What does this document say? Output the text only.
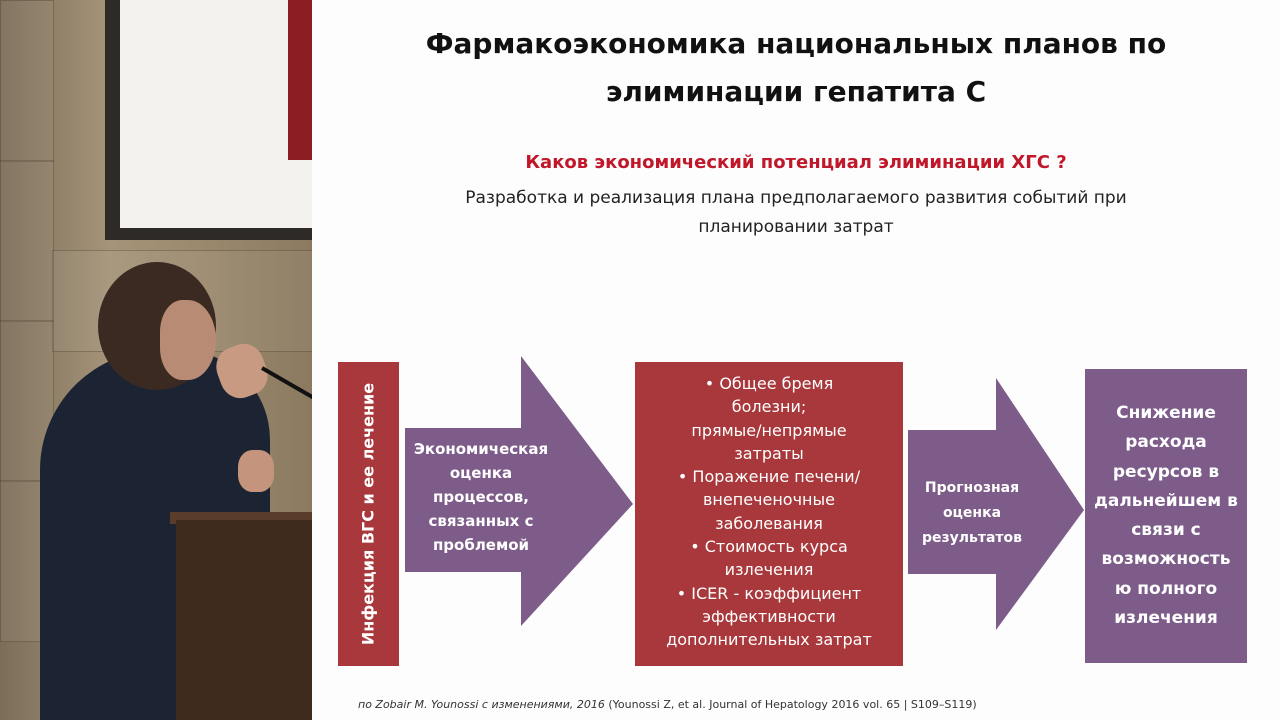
Фармакоэкономика национальных планов по
элиминации гепатита С
Каков экономический потенциал элиминации ХГС ?
Разработка и реализация плана предполагаемого развития событий при
планировании затрат
Инфекция ВГС и ее лечение	Экономическая
оценка
процессов,
связанных с
проблемой
• Общее бремя
болезни;
прямые/непрямые
затраты
• Поражение печени/
внепеченочные
заболевания
• Стоимость курса
излечения
• ICER - коэффициент
эффективности
дополнительных затрат
Прогнозная
оценка
результатов
Снижение
расхода
ресурсов в
дальнейшем в
связи с
возможность
ю полного
излечения
по Zobair M. Younossi с изменениями, 2016 (Younossi Z, et al. Journal of Hepatology 2016 vol. 65 | S109–S119)
